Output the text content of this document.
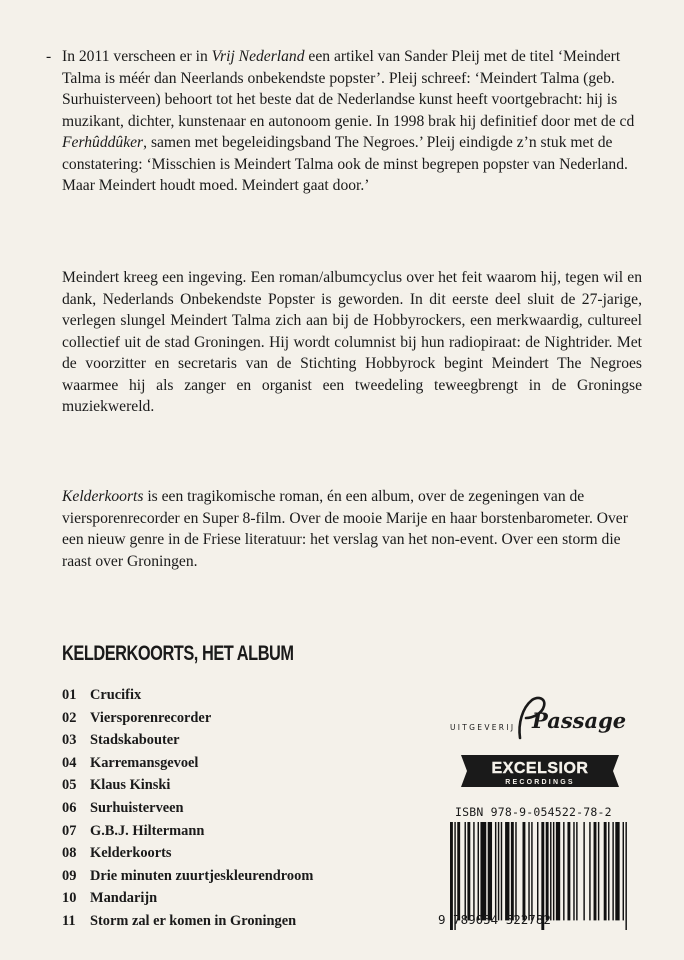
- In 2011 verscheen er in Vrij Nederland een artikel van Sander Pleij met de titel ‘Meindert Talma is méér dan Neerlands onbekendste popster’. Pleij schreef: ‘Meindert Talma (geb. Surhuisterveen) behoort tot het beste dat de Nederlandse kunst heeft voortgebracht: hij is muzikant, dichter, kunstenaar en autonoom genie. In 1998 brak hij definitief door met de cd Ferhûddûker, samen met begeleidingsband The Negroes.’ Pleij eindigde z’n stuk met de constatering: ‘Misschien is Meindert Talma ook de minst begrepen popster van Nederland. Maar Meindert houdt moed. Meindert gaat door.’

Meindert kreeg een ingeving. Een roman/albumcyclus over het feit waarom hij, tegen wil en dank, Nederlands Onbekendste Popster is geworden. In dit eerste deel sluit de 27-jarige, verlegen slungel Meindert Talma zich aan bij de Hobbyrockers, een merkwaardig, cultureel collectief uit de stad Groningen. Hij wordt columnist bij hun radiopiraat: de Nightrider. Met de voorzitter en secretaris van de Stichting Hobbyrock begint Meindert The Negroes waarmee hij als zanger en organist een tweedeling teweegbrengt in de Groningse muziekwereld.

Kelderkoorts is een tragikomische roman, én een album, over de zegeningen van de viersporenrecorder en Super 8-film. Over de mooie Marije en haar borstenbarometer. Over een nieuw genre in de Friese literatuur: het verslag van het non-event. Over een storm die raast over Groningen.

KELDERKOORTS, HET ALBUM
01 Crucifix
02 Viersporenrecorder
03 Stadskabouter
04 Karremansgevoel
05 Klaus Kinski
06 Surhuisterveen
07 G.B.J. Hiltermann
08 Kelderkoorts
09 Drie minuten zuurtjeskleurendroom
10 Mandarijn
11 Storm zal er komen in Groningen
UITGEVERIJ Passage
EXCELSIOR
RECORDINGS
ISBN 978-9-054522-78-2
9 789054 522782
